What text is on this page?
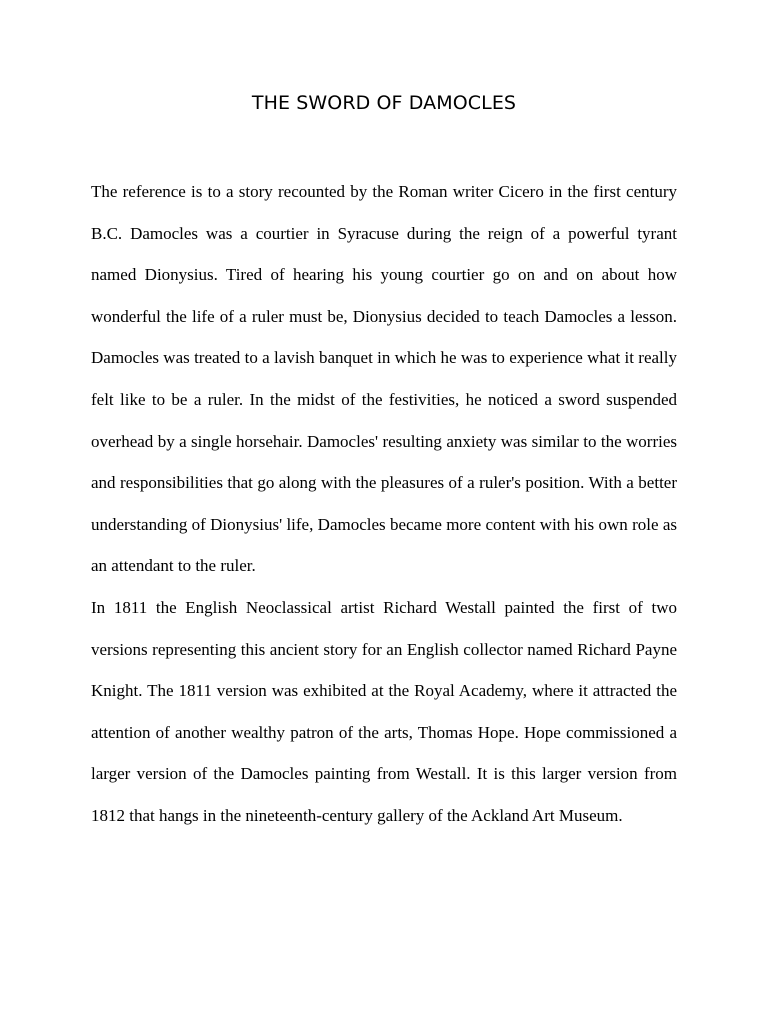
THE SWORD OF DAMOCLES

The reference is to a story recounted by the Roman writer Cicero in the first century B.C. Damocles was a courtier in Syracuse during the reign of a powerful tyrant named Dionysius. Tired of hearing his young courtier go on and on about how wonderful the life of a ruler must be, Dionysius decided to teach Damocles a lesson. Damocles was treated to a lavish banquet in which he was to experience what it really felt like to be a ruler. In the midst of the festivities, he noticed a sword suspended overhead by a single horsehair. Damocles' resulting anxiety was similar to the worries and responsibilities that go along with the pleasures of a ruler's position. With a better understanding of Dionysius' life, Damocles became more content with his own role as an attendant to the ruler.

In 1811 the English Neoclassical artist Richard Westall painted the first of two versions representing this ancient story for an English collector named Richard Payne Knight. The 1811 version was exhibited at the Royal Academy, where it attracted the attention of another wealthy patron of the arts, Thomas Hope. Hope commissioned a larger version of the Damocles painting from Westall. It is this larger version from 1812 that hangs in the nineteenth-century gallery of the Ackland Art Museum.
